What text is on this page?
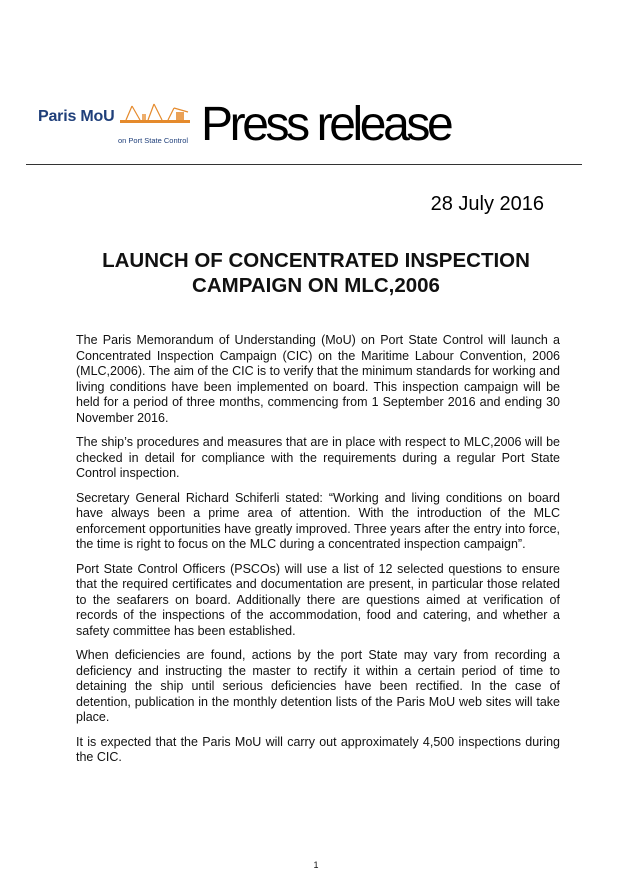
Paris MoU
on Port State Control Press release
28 July 2016
LAUNCH OF CONCENTRATED INSPECTION CAMPAIGN ON MLC,2006

The Paris Memorandum of Understanding (MoU) on Port State Control will launch a Concentrated Inspection Campaign (CIC) on the Maritime Labour Convention, 2006 (MLC,2006). The aim of the CIC is to verify that the minimum standards for working and living conditions have been implemented on board. This inspection campaign will be held for a period of three months, commencing from 1 September 2016 and ending 30 November 2016.

The ship’s procedures and measures that are in place with respect to MLC,2006 will be checked in detail for compliance with the requirements during a regular Port State Control inspection.

Secretary General Richard Schiferli stated: “Working and living conditions on board have always been a prime area of attention. With the introduction of the MLC enforcement opportunities have greatly improved. Three years after the entry into force, the time is right to focus on the MLC during a concentrated inspection campaign”.

Port State Control Officers (PSCOs) will use a list of 12 selected questions to ensure that the required certificates and documentation are present, in particular those related to the seafarers on board. Additionally there are questions aimed at verification of records of the inspections of the accommodation, food and catering, and whether a safety committee has been established.

When deficiencies are found, actions by the port State may vary from recording a deficiency and instructing the master to rectify it within a certain period of time to detaining the ship until serious deficiencies have been rectified. In the case of detention, publication in the monthly detention lists of the Paris MoU web sites will take place.

It is expected that the Paris MoU will carry out approximately 4,500 inspections during the CIC.

1
